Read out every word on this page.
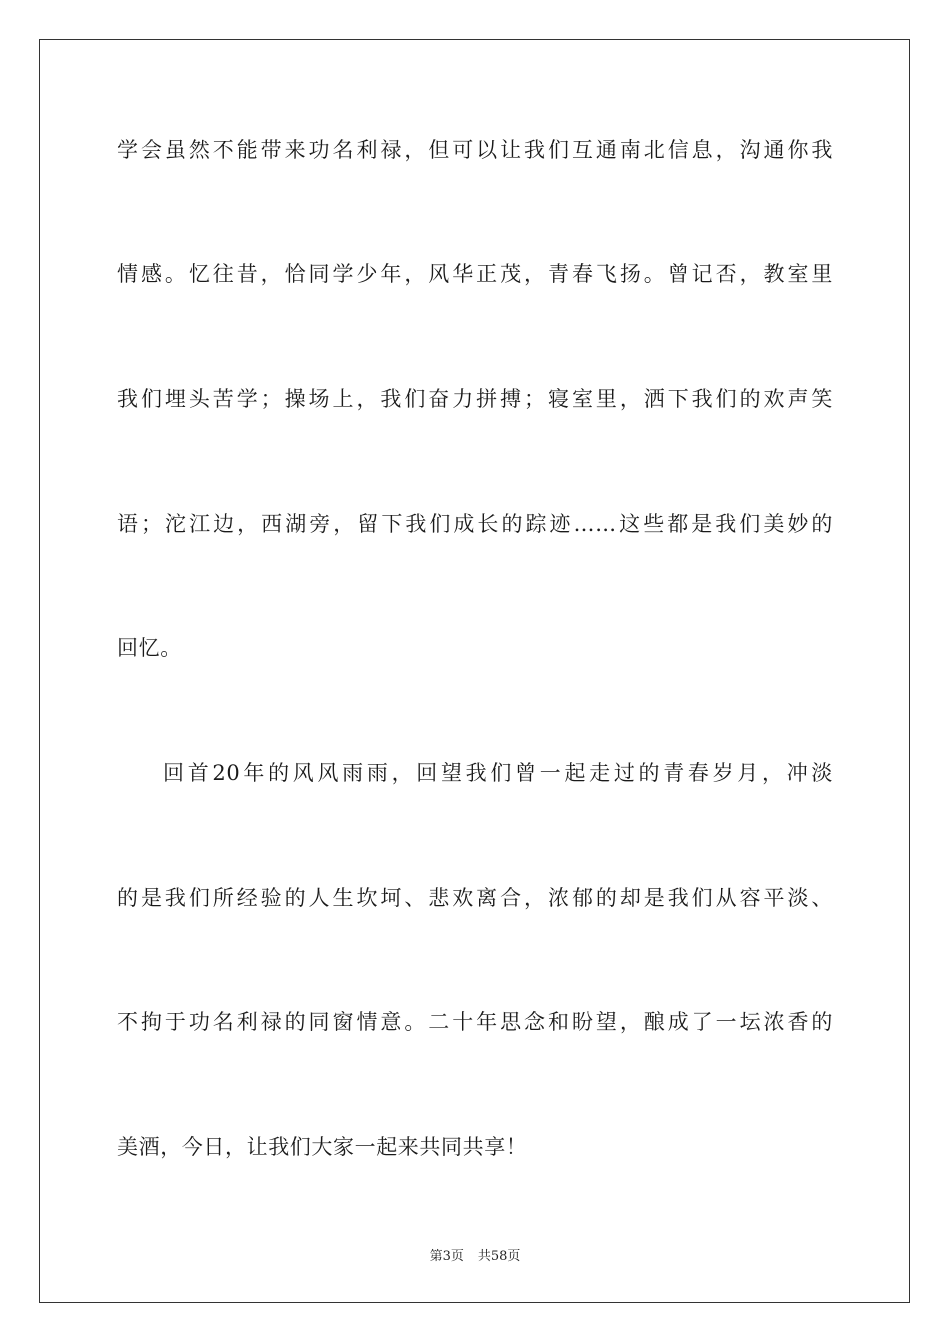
学会虽然不能带来功名利禄，但可以让我们互通南北信息，沟通你我
情感。忆往昔，恰同学少年，风华正茂，青春飞扬。曾记否，教室里
我们埋头苦学；操场上，我们奋力拼搏；寝室里，洒下我们的欢声笑
语；沱江边，西湖旁，留下我们成长的踪迹……这些都是我们美妙的
回忆。
回首20年的风风雨雨，回望我们曾一起走过的青春岁月，冲淡
的是我们所经验的人生坎坷、悲欢离合，浓郁的却是我们从容平淡、
不拘于功名利禄的同窗情意。二十年思念和盼望，酿成了一坛浓香的
美酒，今日，让我们大家一起来共同共享！
第3页 共58页
